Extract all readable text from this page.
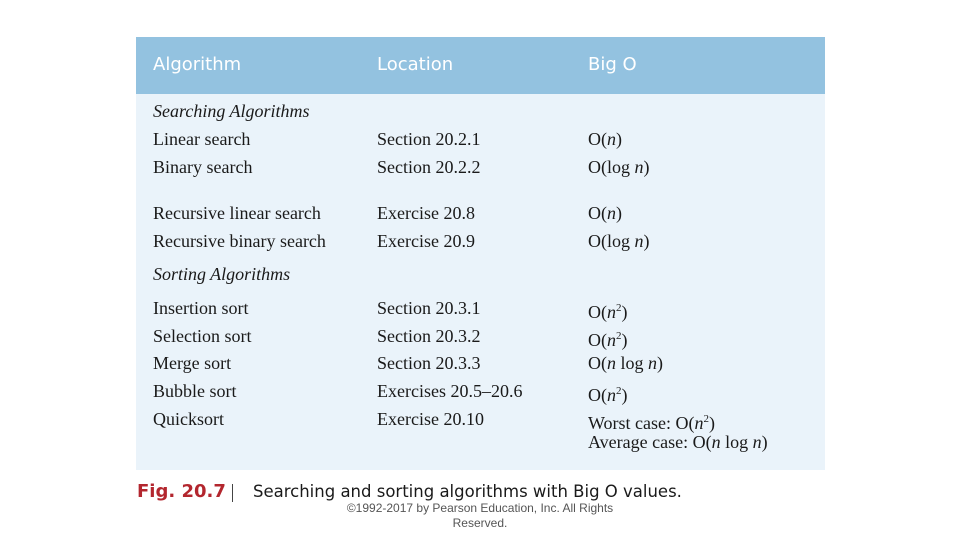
Algorithm	Location	Big O
Searching Algorithms
Linear search	Section 20.2.1	O(n)
Binary search	Section 20.2.2	O(log n)
Recursive linear search	Exercise 20.8	O(n)
Recursive binary search	Exercise 20.9	O(log n)
Sorting Algorithms
Insertion sort	Section 20.3.1	$O(n^2)$
Selection sort	Section 20.3.2	$O(n^2)$
Merge sort	Section 20.3.3	O(n log n)
Bubble sort	Exercises 20.5–20.6	$O(n^2)$
Quicksort	Exercise 20.10	Worst case: $O(n^2)$
Average case: O(n log n)
Fig. 20.7 Searching and sorting algorithms with Big O values.
©1992-2017 by Pearson Education, Inc. All Rights
Reserved.
